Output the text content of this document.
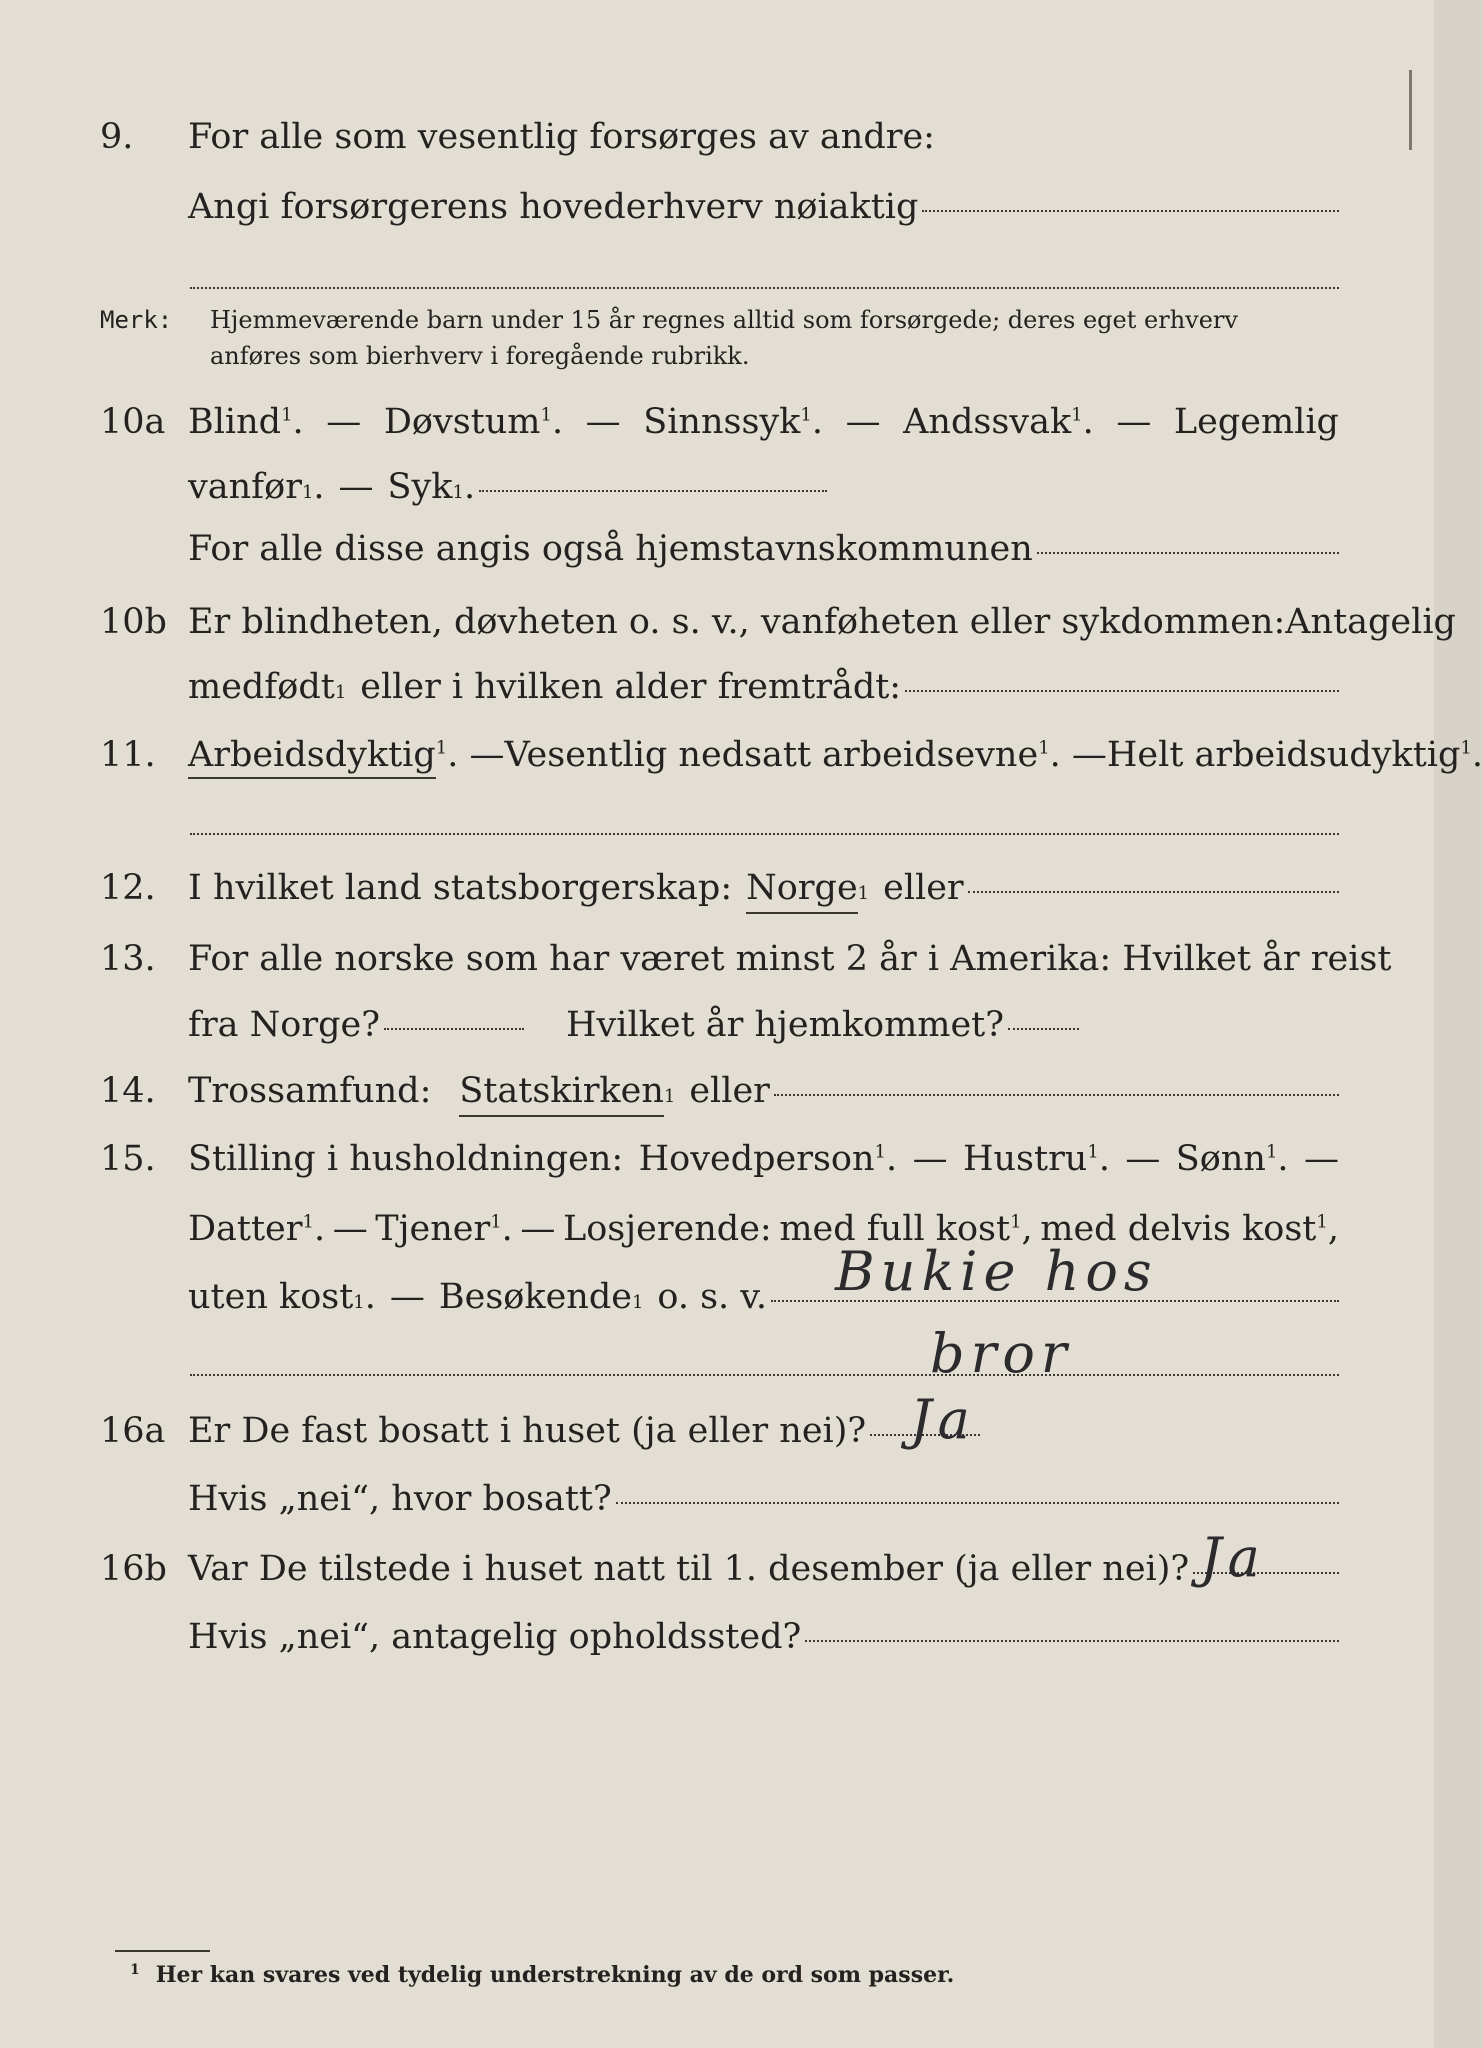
9. For alle som vesentlig forsørges av andre:
Angi forsørgerens hovederhverv nøiaktig
Merk: Hjemmeværende barn under 15 år regnes alltid som forsørgede; deres eget erhverv
anføres som bierhverv i foregående rubrikk.
10a Blind$^1$. — Døvstum$^1$. — Sinnssyk$^1$. — Andssvak$^1$. — Legemlig
vanfør 1 . — Syk 1 .
For alle disse angis også hjemstavnskommunen
10b Er blindheten, døvheten o. s. v., vanføheten eller sykdommen: Antagelig
medfødt 1 eller i hvilken alder fremtrådt:
11. Arbeidsdyktig$^1$. — Vesentlig nedsatt arbeidsevne$^1$. — Helt arbeidsudyktig$^1$.
12. I hvilket land statsborgerskap: Norge 1 eller
13. For alle norske som har været minst 2 år i Amerika: Hvilket år reist
fra Norge?	Hvilket år hjemkommet?
14. Trossamfund: Statskirken 1 eller
15. Stilling i husholdningen: Hovedperson$^1$. — Hustru$^1$. — Sønn$^1$. —
Datter$^1$. — Tjener$^1$. — Losjerende: med full kost$^1$, med delvis kost$^1$,
uten kost 1 . — Besøkende 1 o. s. v. Bukie hos
bror
16a Er De fast bosatt i huset (ja eller nei)? Ja
Hvis „nei“, hvor bosatt?
16b Var De tilstede i huset natt til 1. desember (ja eller nei)? Ja
Hvis „nei“, antagelig opholdssted?
$^1$ Her kan svares ved tydelig understrekning av de ord som passer.
